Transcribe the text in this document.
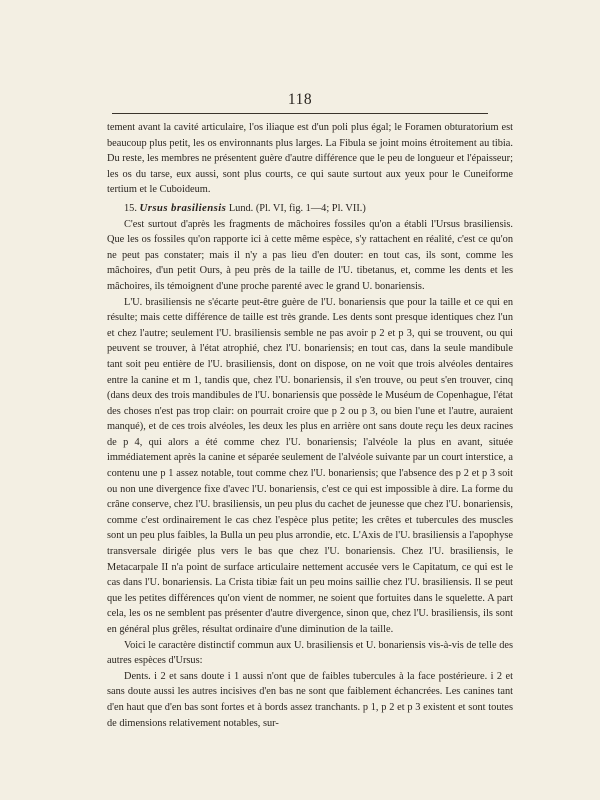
118

tement avant la cavité articulaire, l'os iliaque est d'un poli plus égal; le Foramen obturatorium est beaucoup plus petit, les os environnants plus larges. La Fibula se joint moins étroitement au tibia. Du reste, les membres ne présentent guère d'autre différence que le peu de longueur et l'épaisseur; les os du tarse, eux aussi, sont plus courts, ce qui saute surtout aux yeux pour le Cuneiforme tertium et le Cuboideum.

15. Ursus brasiliensis Lund. (Pl. VI, fig. 1—4; Pl. VII.)

C'est surtout d'après les fragments de mâchoires fossiles qu'on a établi l'Ursus brasiliensis. Que les os fossiles qu'on rapporte ici à cette même espèce, s'y rattachent en réalité, c'est ce qu'on ne peut pas constater; mais il n'y a pas lieu d'en douter: en tout cas, ils sont, comme les mâchoires, d'un petit Ours, à peu près de la taille de l'U. tibetanus, et, comme les dents et les mâchoires, ils témoignent d'une proche parenté avec le grand U. bonariensis.

L'U. brasiliensis ne s'écarte peut-être guère de l'U. bonariensis que pour la taille et ce qui en résulte; mais cette différence de taille est très grande. Les dents sont presque identiques chez l'un et chez l'autre; seulement l'U. brasiliensis semble ne pas avoir p 2 et p 3, qui se trouvent, ou qui peuvent se trouver, à l'état atrophié, chez l'U. bonariensis; en tout cas, dans la seule mandibule tant soit peu entière de l'U. brasiliensis, dont on dispose, on ne voit que trois alvéoles dentaires entre la canine et m 1, tandis que, chez l'U. bonariensis, il s'en trouve, ou peut s'en trouver, cinq (dans deux des trois mandibules de l'U. bonariensis que possède le Muséum de Copenhague, l'état des choses n'est pas trop clair: on pourrait croire que p 2 ou p 3, ou bien l'une et l'autre, auraient manqué), et de ces trois alvéoles, les deux les plus en arrière ont sans doute reçu les deux racines de p 4, qui alors a été comme chez l'U. bonariensis; l'alvéole la plus en avant, située immédiatement après la canine et séparée seulement de l'alvéole suivante par un court interstice, a contenu une p 1 assez notable, tout comme chez l'U. bonariensis; que l'absence des p 2 et p 3 soit ou non une divergence fixe d'avec l'U. bonariensis, c'est ce qui est impossible à dire. La forme du crâne conserve, chez l'U. brasiliensis, un peu plus du cachet de jeunesse que chez l'U. bonariensis, comme c'est ordinairement le cas chez l'espèce plus petite; les crêtes et tubercules des muscles sont un peu plus faibles, la Bulla un peu plus arrondie, etc. L'Axis de l'U. brasiliensis a l'apophyse transversale dirigée plus vers le bas que chez l'U. bonariensis. Chez l'U. brasiliensis, le Metacarpale II n'a point de surface articulaire nettement accusée vers le Capitatum, ce qui est le cas dans l'U. bonariensis. La Crista tibiæ fait un peu moins saillie chez l'U. brasiliensis. Il se peut que les petites différences qu'on vient de nommer, ne soient que fortuites dans le squelette. A part cela, les os ne semblent pas présenter d'autre divergence, sinon que, chez l'U. brasiliensis, ils sont en général plus grêles, résultat ordinaire d'une diminution de la taille.

Voici le caractère distinctif commun aux U. brasiliensis et U. bonariensis vis-à-vis de telle des autres espèces d'Ursus:

Dents. i 2 et sans doute i 1 aussi n'ont que de faibles tubercules à la face postérieure. i 2 et sans doute aussi les autres incisives d'en bas ne sont que faiblement échancrées. Les canines tant d'en haut que d'en bas sont fortes et à bords assez tranchants. p 1, p 2 et p 3 existent et sont toutes de dimensions relativement notables, sur-
